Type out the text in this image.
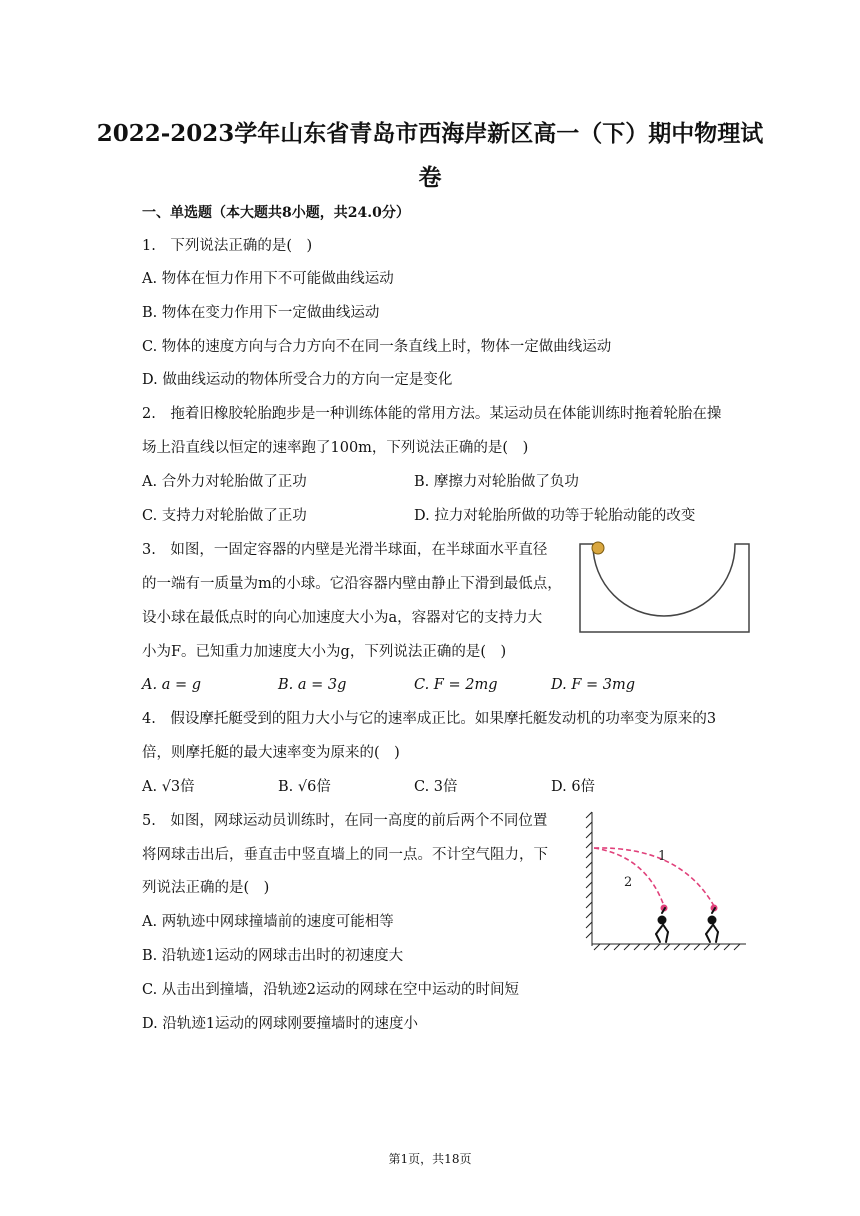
2022-2023学年山东省青岛市西海岸新区高一（下）期中物理试
卷
一、单选题（本大题共8小题，共24.0分）
1.　下列说法正确的是(　)
A. 物体在恒力作用下不可能做曲线运动
B. 物体在变力作用下一定做曲线运动
C. 物体的速度方向与合力方向不在同一条直线上时，物体一定做曲线运动
D. 做曲线运动的物体所受合力的方向一定是变化
2.　拖着旧橡胶轮胎跑步是一种训练体能的常用方法。某运动员在体能训练时拖着轮胎在操
场上沿直线以恒定的速率跑了100m，下列说法正确的是(　)
A. 合外力对轮胎做了正功	B. 摩擦力对轮胎做了负功
C. 支持力对轮胎做了正功	D. 拉力对轮胎所做的功等于轮胎动能的改变
3.　如图，一固定容器的内壁是光滑半球面，在半球面水平直径
的一端有一质量为m的小球。它沿容器内壁由静止下滑到最低点，
设小球在最低点时的向心加速度大小为a，容器对它的支持力大
小为F。已知重力加速度大小为g，下列说法正确的是(　)
A. a = g	B. a = 3g	C. F = 2mg	D. F = 3mg
4.　假设摩托艇受到的阻力大小与它的速率成正比。如果摩托艇发动机的功率变为原来的3
倍，则摩托艇的最大速率变为原来的(　)
A. √3倍	B. √6倍	C. 3倍	D. 6倍
5.　如图，网球运动员训练时，在同一高度的前后两个不同位置
将网球击出后，垂直击中竖直墙上的同一点。不计空气阻力，下
列说法正确的是(　)
A. 两轨迹中网球撞墙前的速度可能相等
B. 沿轨迹1运动的网球击出时的初速度大
C. 从击出到撞墙，沿轨迹2运动的网球在空中运动的时间短
D. 沿轨迹1运动的网球刚要撞墙时的速度小
1
2
第1页，共18页
